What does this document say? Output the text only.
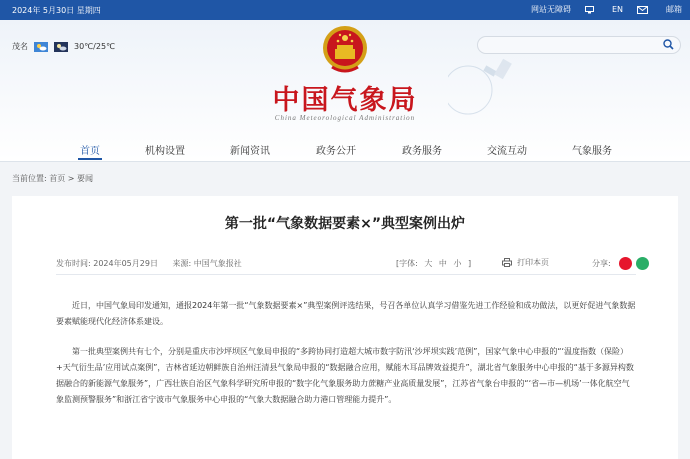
2024年 5月30日 星期四	网站无障碍	EN	邮箱
茂名	30℃/25℃
中国气象局
China Meteorological Administration
首页	机构设置	新闻资讯	政务公开	政务服务	交流互动	气象服务
当前位置: 首页 > 要闻
第一批“气象数据要素×”典型案例出炉
发布时间: 2024年05月29日 来源: 中国气象报社	[字体: 大 中 小 ]	打印本页	分享:

近日，中国气象局印发通知，通报2024年第一批“气象数据要素×”典型案例评选结果，号召各单位认真学习借鉴先进工作经验和成功做法，以更好促进气象数据要素赋能现代化经济体系建设。

第一批典型案例共有七个，分别是重庆市沙坪坝区气象局申报的“多跨协同打造超大城市数字防汛‘沙坪坝实践’范例”，国家气象中心申报的“‘温度指数（保险）+天气衍生品’应用试点案例”，吉林省延边朝鲜族自治州汪清县气象局申报的“数据融合应用，赋能木耳品牌效益提升”，湖北省气象服务中心申报的“基于多源异构数据融合的新能源气象服务”，广西壮族自治区气象科学研究所申报的“数字化气象服务助力蔗糖产业高质量发展”，江苏省气象台申报的“‘省—市—机场’一体化航空气象监测预警服务”和浙江省宁波市气象服务中心申报的“气象大数据融合助力港口管理能力提升”。
